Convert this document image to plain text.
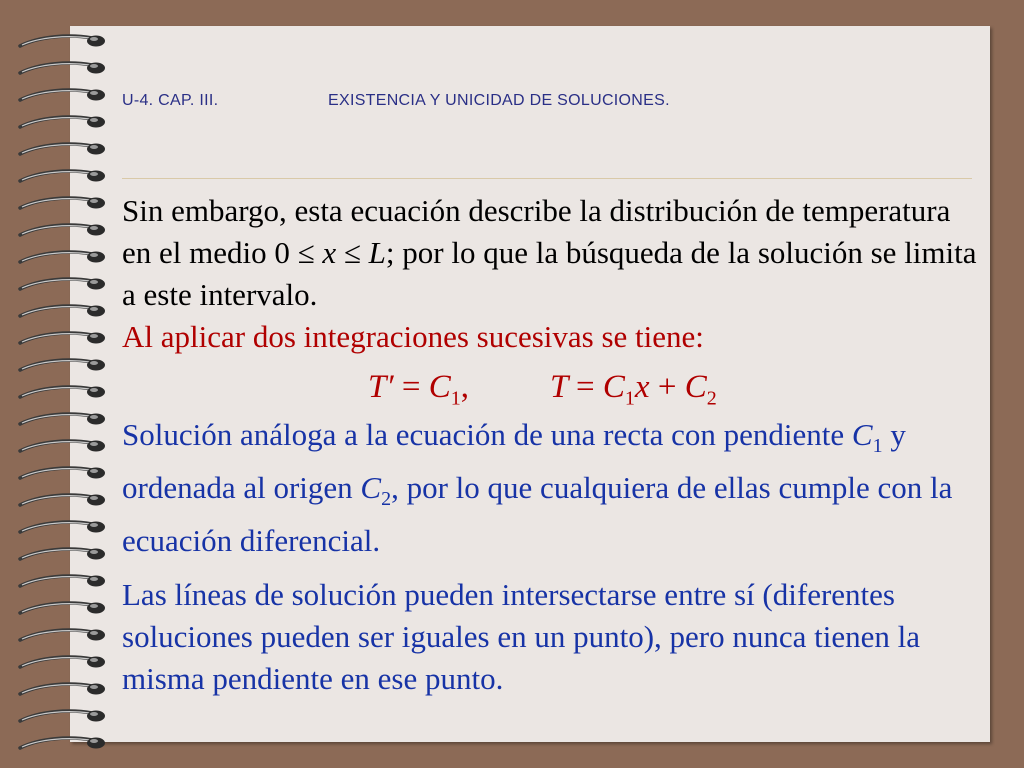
U-4. CAP. III.	EXISTENCIA Y UNICIDAD DE SOLUCIONES.

Sin embargo, esta ecuación describe la distribución de temperatura en el medio 0 ≤ x ≤ L; por lo que la búsqueda de la solución se limita a este intervalo.

Al aplicar dos integraciones sucesivas se tiene:

$T' = C_1$, $T = C_1x + C_2$

Solución análoga a la ecuación de una recta con pendiente $C_1$ y ordenada al origen $C_2$, por lo que cualquiera de ellas cumple con la ecuación diferencial.

Las líneas de solución pueden intersectarse entre sí (diferentes soluciones pueden ser iguales en un punto), pero nunca tienen la misma pendiente en ese punto.
